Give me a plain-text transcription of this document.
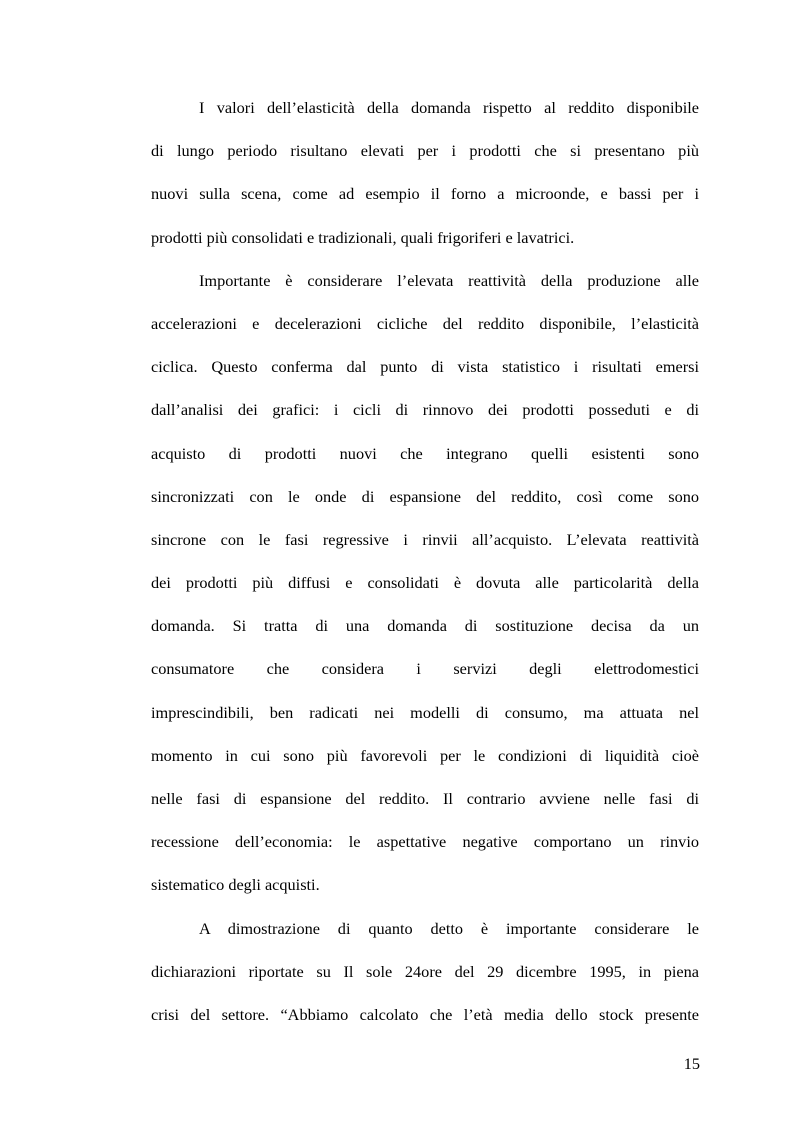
I valori dell’elasticità della domanda rispetto al reddito disponibile
di lungo periodo risultano elevati per i prodotti che si presentano più
nuovi sulla scena, come ad esempio il forno a microonde, e bassi per i
prodotti più consolidati e tradizionali, quali frigoriferi e lavatrici.

Importante è considerare l’elevata reattività della produzione alle
accelerazioni e decelerazioni cicliche del reddito disponibile, l’elasticità
ciclica. Questo conferma dal punto di vista statistico i risultati emersi
dall’analisi dei grafici: i cicli di rinnovo dei prodotti posseduti e di
acquisto di prodotti nuovi che integrano quelli esistenti sono
sincronizzati con le onde di espansione del reddito, così come sono
sincrone con le fasi regressive i rinvii all’acquisto. L’elevata reattività
dei prodotti più diffusi e consolidati è dovuta alle particolarità della
domanda. Si tratta di una domanda di sostituzione decisa da un
consumatore che considera i servizi degli elettrodomestici
imprescindibili, ben radicati nei modelli di consumo, ma attuata nel
momento in cui sono più favorevoli per le condizioni di liquidità cioè
nelle fasi di espansione del reddito. Il contrario avviene nelle fasi di
recessione dell’economia: le aspettative negative comportano un rinvio
sistematico degli acquisti.

A dimostrazione di quanto detto è importante considerare le
dichiarazioni riportate su Il sole 24ore del 29 dicembre 1995, in piena
crisi del settore. “Abbiamo calcolato che l’età media dello stock presente

15
